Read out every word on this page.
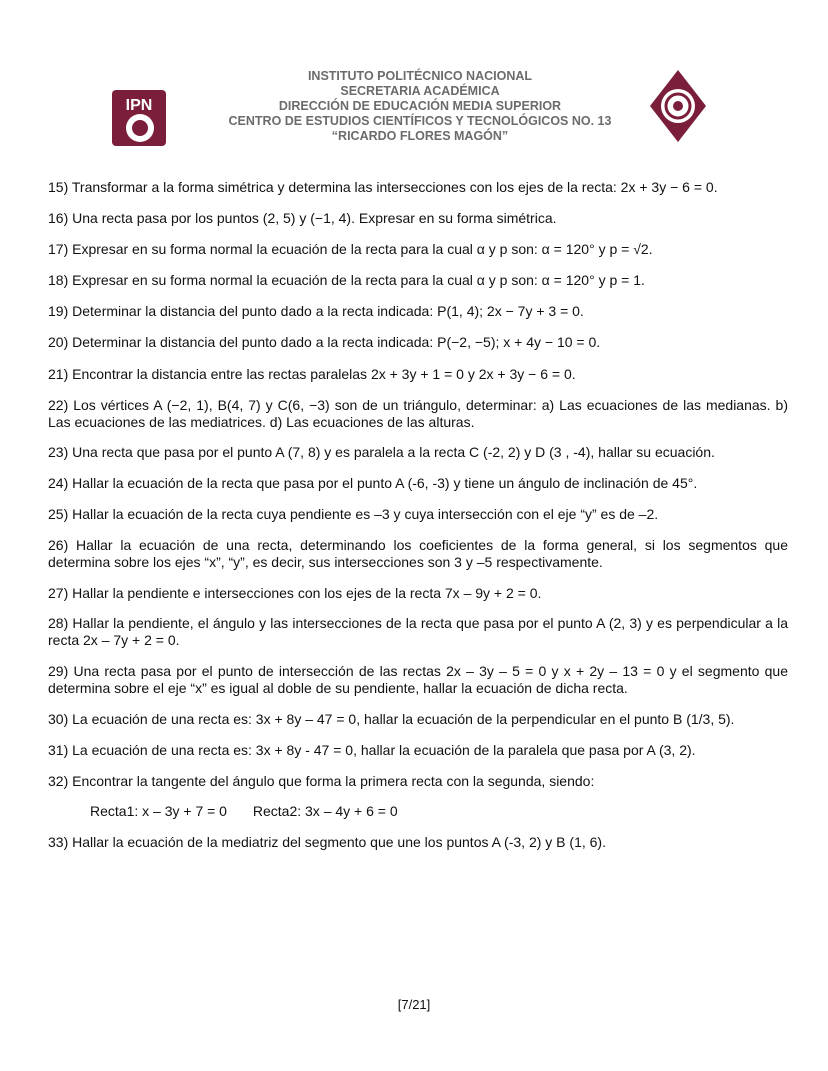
IPN
INSTITUTO POLITÉCNICO NACIONAL
SECRETARIA ACADÉMICA
DIRECCIÓN DE EDUCACIÓN MEDIA SUPERIOR
CENTRO DE ESTUDIOS CIENTÍFICOS Y TECNOLÓGICOS NO. 13
“RICARDO FLORES MAGÓN”
15) Transformar a la forma simétrica y determina las intersecciones con los ejes de la recta: 2x + 3y − 6 = 0.
16) Una recta pasa por los puntos (2, 5) y (−1, 4). Expresar en su forma simétrica.
17) Expresar en su forma normal la ecuación de la recta para la cual α y p son: α = 120° y p = √2.
18) Expresar en su forma normal la ecuación de la recta para la cual α y p son: α = 120° y p = 1.
19) Determinar la distancia del punto dado a la recta indicada: P(1, 4); 2x − 7y + 3 = 0.
20) Determinar la distancia del punto dado a la recta indicada: P(−2, −5); x + 4y − 10 = 0.
21) Encontrar la distancia entre las rectas paralelas 2x + 3y + 1 = 0 y 2x + 3y − 6 = 0.
22) Los vértices A (−2, 1), B(4, 7) y C(6, −3) son de un triángulo, determinar: a) Las ecuaciones de las medianas. b) Las ecuaciones de las mediatrices. d) Las ecuaciones de las alturas.
23) Una recta que pasa por el punto A (7, 8) y es paralela a la recta C (-2, 2) y D (3 , -4), hallar su ecuación.
24) Hallar la ecuación de la recta que pasa por el punto A (-6, -3) y tiene un ángulo de inclinación de 45°.
25) Hallar la ecuación de la recta cuya pendiente es –3 y cuya intersección con el eje “y” es de –2.
26) Hallar la ecuación de una recta, determinando los coeficientes de la forma general, si los segmentos que determina sobre los ejes “x”, “y”, es decir, sus intersecciones son 3 y –5 respectivamente.
27) Hallar la pendiente e intersecciones con los ejes de la recta 7x – 9y + 2 = 0.
28) Hallar la pendiente, el ángulo y las intersecciones de la recta que pasa por el punto A (2, 3) y es perpendicular a la recta 2x – 7y + 2 = 0.
29) Una recta pasa por el punto de intersección de las rectas 2x – 3y – 5 = 0 y x + 2y – 13 = 0 y el segmento que determina sobre el eje “x” es igual al doble de su pendiente, hallar la ecuación de dicha recta.
30) La ecuación de una recta es: 3x + 8y – 47 = 0, hallar la ecuación de la perpendicular en el punto B (1/3, 5).
31) La ecuación de una recta es: 3x + 8y - 47 = 0, hallar la ecuación de la paralela que pasa por A (3, 2).
32) Encontrar la tangente del ángulo que forma la primera recta con la segunda, siendo:
Recta1: x – 3y + 7 = 0 Recta2: 3x – 4y + 6 = 0
33) Hallar la ecuación de la mediatriz del segmento que une los puntos A (-3, 2) y B (1, 6).
[7/21]
